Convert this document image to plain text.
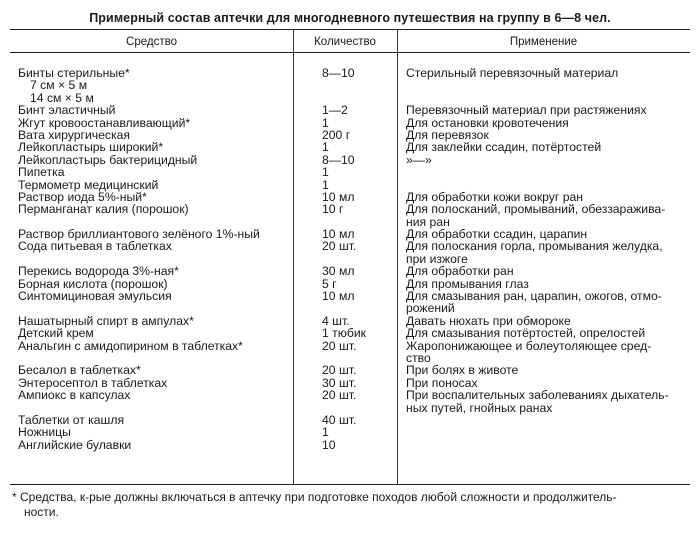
Примерный состав аптечки для многодневного путешествия на группу в 6—8 чел.
Средство	Количество	Применение
Бинты стерильные*	8—10	Стерильный перевязочный материал
7 см × 5 м
14 см × 5 м
Бинт эластичный	1—2	Перевязочный материал при растяжениях
Жгут кровоостанавливающий*	1	Для остановки кровотечения
Вата хирургическая	200 г	Для перевязок
Лейкопластырь широкий*	1	Для заклейки ссадин, потёртостей
Лейкопластырь бактерицидный	8—10	»—»
Пипетка	1
Термометр медицинский	1
Раствор иода 5%-ный*	10 мл	Для обработки кожи вокруг ран
Перманганат калия (порошок)	10 г	Для полосканий, промываний, обеззаражива-
ния ран
Раствор бриллиантового зелёного 1%-ный	10 мл	Для обработки ссадин, царапин
Сода питьевая в таблетках	20 шт.	Для полоскания горла, промывания желудка,
при изжоге
Перекись водорода 3%-ная*	30 мл	Для обработки ран
Борная кислота (порошок)	5 г	Для промывания глаз
Синтомициновая эмульсия	10 мл	Для смазывания ран, царапин, ожогов, отмо-
рожений
Нашатырный спирт в ампулах*	4 шт.	Давать нюхать при обмороке
Детский крем	1 тюбик	Для смазывания потёртостей, опрелостей
Анальгин с амидопирином в таблетках*	20 шт.	Жаропонижающее и болеутоляющее сред-
ство
Бесалол в таблетках*	20 шт.	При болях в животе
Энтеросептол в таблетках	30 шт.	При поносах
Ампиокс в капсулах	20 шт.	При воспалительных заболеваниях дыхатель-
ных путей, гнойных ранах
Таблетки от кашля	40 шт.
Ножницы	1
Английские булавки	10
* Средства, к-рые должны включаться в аптечку при подготовке походов любой сложности и продолжитель-
ности.
